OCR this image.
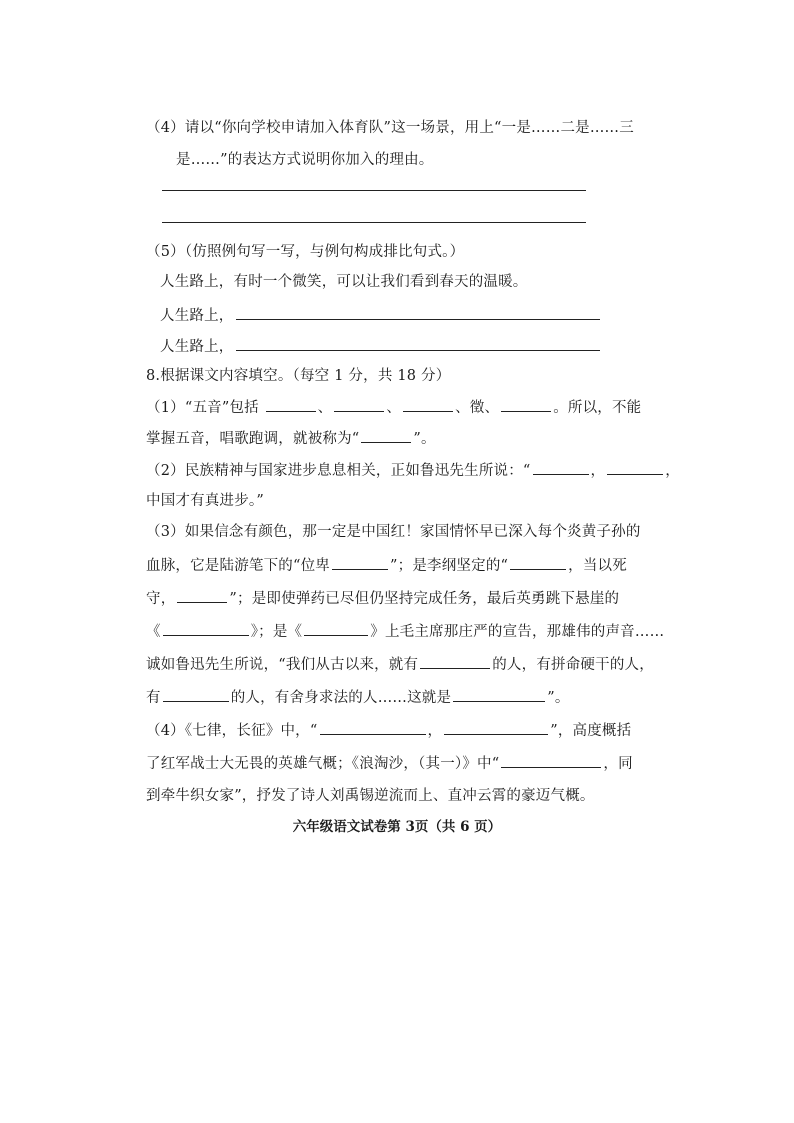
（4）请以“你向学校申请加入体育队”这一场景，用上“一是……二是……三
是……”的表达方式说明你加入的理由。
（5）（仿照例句写一写，与例句构成排比句式。）
人生路上，有时一个微笑，可以让我们看到春天的温暖。
人生路上，
人生路上，
8.根据课文内容填空。（每空 1 分，共 18 分）
（1）“五音”包括	、	、	、徵、	。所以，不能
掌握五音，唱歌跑调，就被称为“	”。
（2）民族精神与国家进步息息相关，正如鲁迅先生所说：“	，	，
中国才有真进步。”
（3）如果信念有颜色，那一定是中国红！家国情怀早已深入每个炎黄子孙的
血脉，它是陆游笔下的“位卑	”；是李纲坚定的“	，当以死
守，	”；是即使弹药已尽但仍坚持完成任务，最后英勇跳下悬崖的
《	》；是《	》上毛主席那庄严的宣告，那雄伟的声音……
诚如鲁迅先生所说，“我们从古以来，就有	的人，有拼命硬干的人，
有	的人，有舍身求法的人……这就是	”。
（4）《七律，长征》中，“	，	”，高度概括
了红军战士大无畏的英雄气概；《浪淘沙，（其一）》中“	，同
到牵牛织女家”，抒发了诗人刘禹锡逆流而上、直冲云霄的豪迈气概。
六年级语文试卷第 3页（共 6 页）
